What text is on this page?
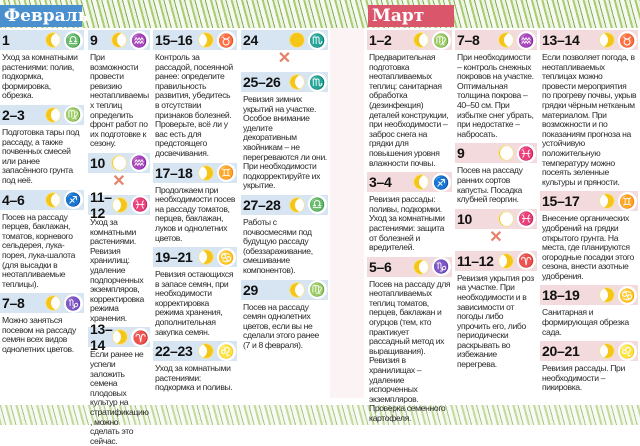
Февраль	Март
1	♎
Уход за комнатными растениями: полив, подкормка, формировка, обрезка.
2–3	♍
Подготовка тары под рассаду, а также почвенных смесей или ранее запасённого грунта под неё.
4–6	♐
Посев на рассаду перцев, баклажан, томатов, корневого сельдерея, лука-порея, лука-шалота (для высадки в неотапливаемые теплицы).
7–8	♑
Можно заняться посевом на рассаду семян всех видов однолетних цветов.
9	♒
При возможности провести ревизию неотапливаемых теплиц определить фронт работ по их подготовке к сезону.
10	♒
✕
11–12	♓
Уход за комнатными растениями. Ревизия хранилищ: удаление подпорченных экземпляров, корректировка режима хранения.
13–14	♈
Если ранее не успели заложить семена плодовых культур на стратификацию, можно сделать это сейчас.
15–16	♉
Контроль за рассадой, посеянной ранее: определите правильность развития, убедитесь в отсутствии признаков болезней. Проверьте, всё ли у вас есть для предстоящего досвечивания.
17–18	♊
Продолжаем при необходимости посев на рассаду томатов, перцев, баклажан, луков и однолетних цветов.
19–21	♋
Ревизия остающихся в запасе семян, при необходимости корректировка режима хранения, дополнительная закупка семян.
22–23	♌
Уход за комнатными растениями: подкормка и поливы.
24	♏
✕
25–26	♏
Ревизия зимних укрытий на участке. Особое внимание уделите декоративным хвойникам – не перегреваются ли они. При необходимости подкорректируйте их укрытие.
27–28	♎
Работы с почвосмесями под будущую рассаду (обеззараживание, смешивание компонентов).
29	♍
Посев на рассаду семян однолетних цветов, если вы не сделали этого ранее (7 и 8 февраля).
1–2	♍
Предварительная подготовка неотапливаемых теплиц: санитарная обработка (дезинфекция) деталей конструкции, при необходимости – заброс снега на грядки для повышения уровня влажности почвы.
3–4	♐
Ревизия рассады: поливы, подкормки. Уход за комнатными растениями: защита от болезней и вредителей.
5–6	♑
Посев на рассаду для неотапливаемых теплиц томатов, перцев, баклажан и огурцов (тем, кто практикует рассадный метод их выращивания). Ревизия в хранилищах – удаление испорченных экземпляров. Проверка семенного картофеля.
7–8	♒
При необходимости – контроль снежных покровов на участке. Оптимальная толщина покрова – 40–50 см. При избытке снег убрать, при недостатке – набросать.
9	♓
Посев на рассаду ранних сортов капусты. Посадка клубней георгин.
10	♓
✕
11–12	♈
Ревизия укрытия роз на участке. При необходимости и в зависимости от погоды либо упрочить его, либо периодически раскрывать во избежание перегрева.
13–14	♉
Если позволяет погода, в неотапливаемых теплицах можно провести мероприятия по прогреву почвы, укрыв грядки чёрным нетканым материалом. При возможности и по показаниям прогноза на устойчивую положительную температуру можно посеять зеленные культуры и пряности.
15–17	♊
Внесение органических удобрений на грядки открытого грунта. На места, где планируются огородные посадки этого сезона, внести азотные удобрения.
18–19	♋
Санитарная и формирующая обрезка сада.
20–21	♌
Ревизия рассады. При необходимости – пикировка.
